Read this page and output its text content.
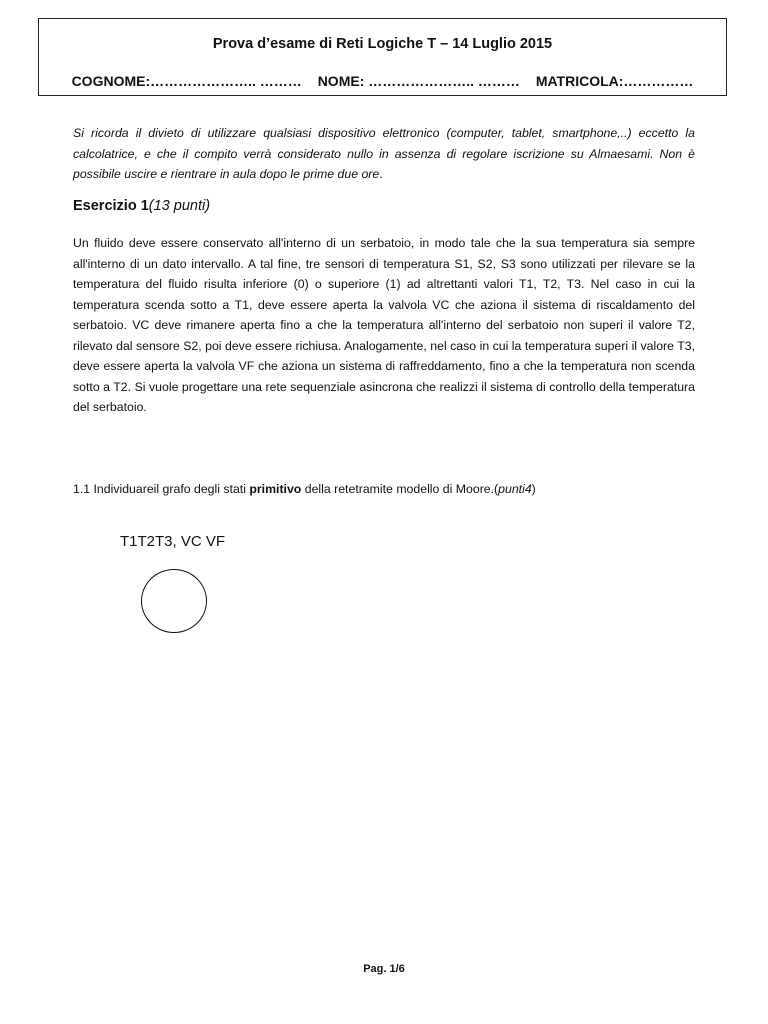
Prova d’esame di Reti Logiche T – 14 Luglio 2015
COGNOME:………………….. ……… NOME: ………………….. ……… MATRICOLA:……………
Si ricorda il divieto di utilizzare qualsiasi dispositivo elettronico (computer, tablet, smartphone,..) eccetto la calcolatrice, e che il compito verrà considerato nullo in assenza di regolare iscrizione su Almaesami. Non è possibile uscire e rientrare in aula dopo le prime due ore.
Esercizio 1(13 punti)
Un fluido deve essere conservato all'interno di un serbatoio, in modo tale che la sua temperatura sia sempre all'interno di un dato intervallo. A tal fine, tre sensori di temperatura S1, S2, S3 sono utilizzati per rilevare se la temperatura del fluido risulta inferiore (0) o superiore (1) ad altrettanti valori T1, T2, T3. Nel caso in cui la temperatura scenda sotto a T1, deve essere aperta la valvola VC che aziona il sistema di riscaldamento del serbatoio. VC deve rimanere aperta fino a che la temperatura all'interno del serbatoio non superi il valore T2, rilevato dal sensore S2, poi deve essere richiusa. Analogamente, nel caso in cui la temperatura superi il valore T3, deve essere aperta la valvola VF che aziona un sistema di raffreddamento, fino a che la temperatura non scenda sotto a T2. Si vuole progettare una rete sequenziale asincrona che realizzi il sistema di controllo della temperatura del serbatoio.
1.1 Individuareil grafo degli stati primitivo della retetramite modello di Moore.(punti4)
T1T2T3, VC VF
Pag. 1/6
